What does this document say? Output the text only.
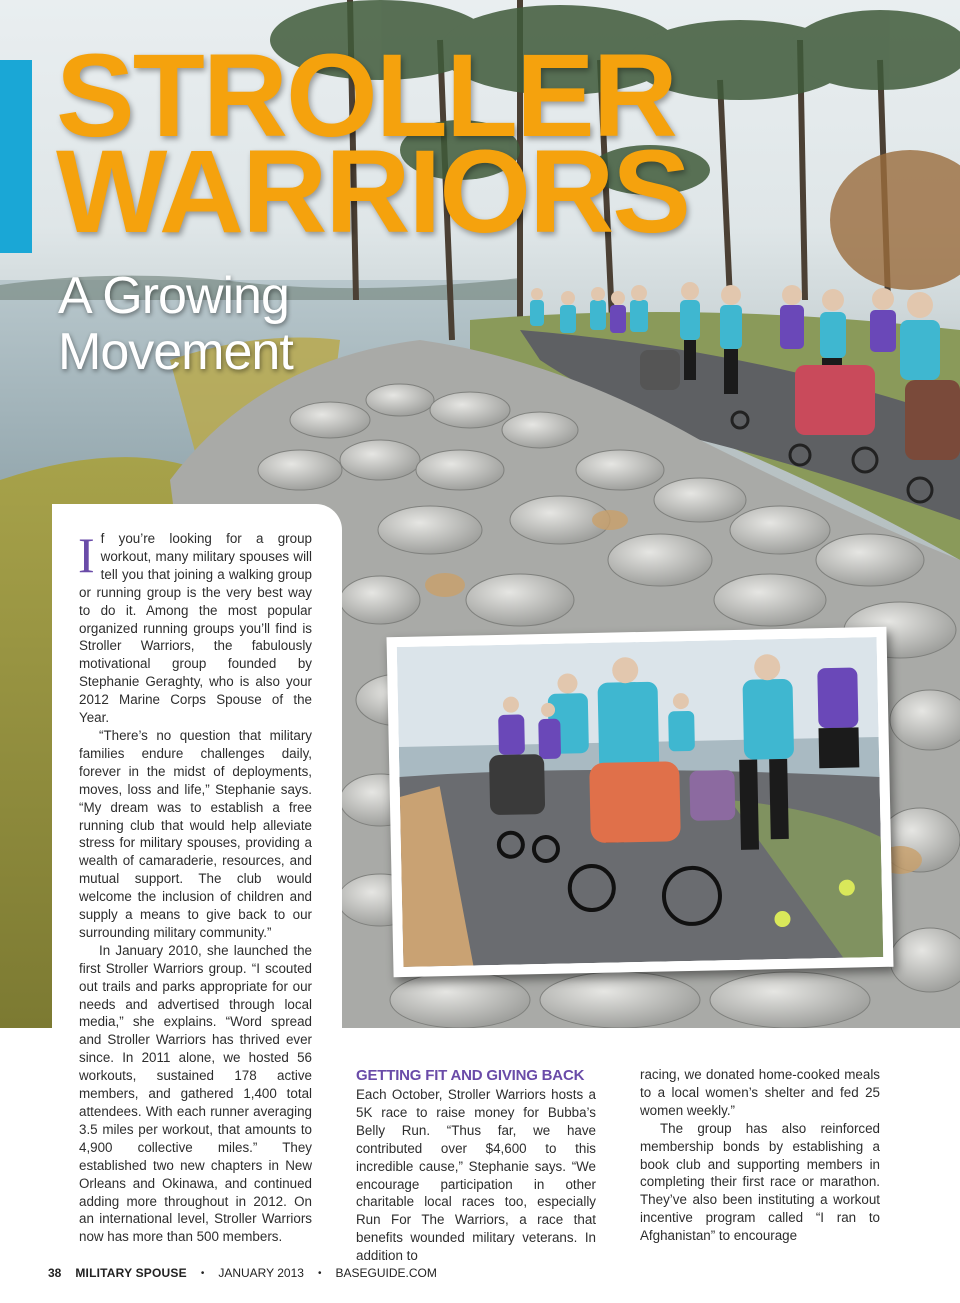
STROLLER
WARRIORS
A Growing
Movement

If you’re looking for a group workout, many military spouses will tell you that joining a walking group or running group is the very best way to do it. Among the most popular organized running groups you’ll find is Stroller Warriors, the fabulously motivational group founded by Stephanie Geraghty, who is also your 2012 Marine Corps Spouse of the Year.

“There’s no question that military families endure challenges daily, forever in the midst of deployments, moves, loss and life,” Stephanie says. “My dream was to establish a free running club that would help alleviate stress for military spouses, providing a wealth of camaraderie, resources, and mutual support. The club would welcome the inclusion of children and supply a means to give back to our surrounding military community.”

In January 2010, she launched the first Stroller Warriors group. “I scouted out trails and parks appropriate for our needs and advertised through local media,” she explains. “Word spread and Stroller Warriors has thrived ever since. In 2011 alone, we hosted 56 workouts, sustained 178 active members, and gathered 1,400 total attendees. With each runner averaging 3.5 miles per workout, that amounts to 4,900 collective miles.” They established two new chapters in New Orleans and Okinawa, and continued adding more throughout in 2012. On an international level, Stroller Warriors now has more than 500 members.

GETTING FIT AND GIVING BACK

Each October, Stroller Warriors hosts a 5K race to raise money for Bubba’s Belly Run. “Thus far, we have contributed over $4,600 to this incredible cause,” Stephanie says. “We encourage participation in other charitable local races too, especially Run For The Warriors, a race that benefits wounded military veterans. In addition to

racing, we donated home-cooked meals to a local women’s shelter and fed 25 women weekly.”

The group has also reinforced membership bonds by establishing a book club and supporting members in completing their first race or marathon. They’ve also been instituting a workout incentive program called “I ran to Afghanistan” to encourage

38 MILITARY SPOUSE • JANUARY 2013 • BASEGUIDE.COM
